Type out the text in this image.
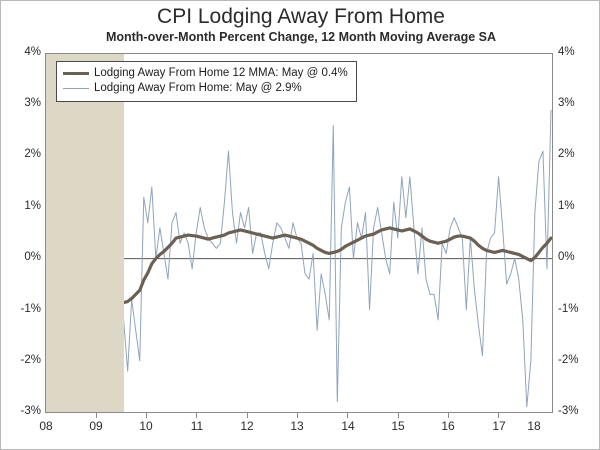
CPI Lodging Away From Home
Month-over-Month Percent Change, 12 Month Moving Average SA
4%
3%
2%
1%
0%
-1%
-2%
-3%
4%
3%
2%
1%
0%
-1%
-2%
-3%
08	09	10	11	12	13	14	15	16	17	18
Lodging Away From Home 12 MMA: May @ 0.4%
Lodging Away From Home: May @ 2.9%
